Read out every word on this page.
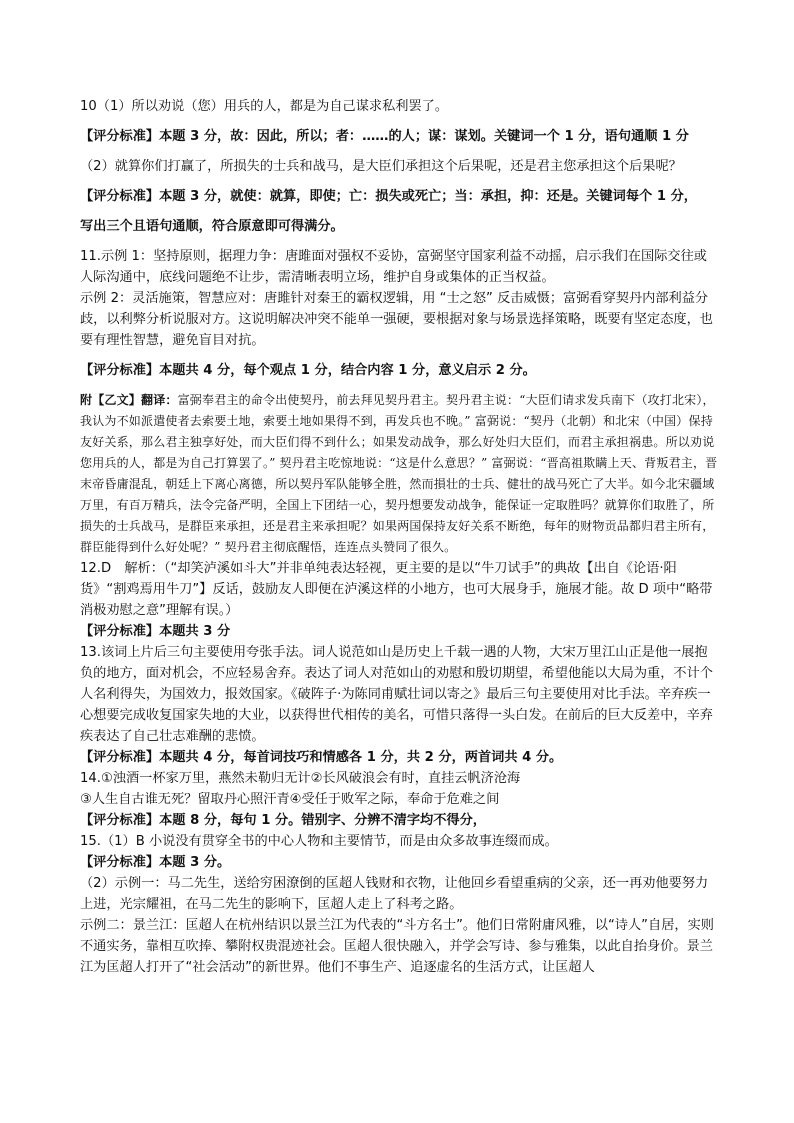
10（1）所以劝说（您）用兵的人，都是为自己谋求私利罢了。

【评分标准】本题 3 分，故：因此，所以；者：……的人；谋：谋划。关键词一个 1 分，语句通顺 1 分

（2）就算你们打赢了，所损失的士兵和战马，是大臣们承担这个后果呢，还是君主您承担这个后果呢？

【评分标准】本题 3 分，就使：就算，即使；亡：损失或死亡；当：承担，抑：还是。关键词每个 1 分，

写出三个且语句通顺，符合原意即可得满分。

11.示例 1：坚持原则，据理力争：唐雎面对强权不妥协，富弼坚守国家利益不动摇，启示我们在国际交往或人际沟通中，底线问题绝不让步，需清晰表明立场，维护自身或集体的正当权益。

示例 2：灵活施策，智慧应对：唐雎针对秦王的霸权逻辑，用 “士之怒” 反击威慑；富弼看穿契丹内部利益分歧，以利弊分析说服对方。这说明解决冲突不能单一强硬，要根据对象与场景选择策略，既要有坚定态度，也要有理性智慧，避免盲目对抗。

【评分标准】本题共 4 分，每个观点 1 分，结合内容 1 分，意义启示 2 分。

附【乙文】翻译：富弼奉君主的命令出使契丹，前去拜见契丹君主。契丹君主说：“大臣们请求发兵南下（攻打北宋），我认为不如派遣使者去索要土地，索要土地如果得不到，再发兵也不晚。” 富弼说：“契丹（北朝）和北宋（中国）保持友好关系，那么君主独享好处，而大臣们得不到什么；如果发动战争，那么好处归大臣们，而君主承担祸患。所以劝说您用兵的人，都是为自己打算罢了。” 契丹君主吃惊地说：“这是什么意思？” 富弼说：“晋高祖欺瞒上天、背叛君主，晋末帝昏庸混乱，朝廷上下离心离德，所以契丹军队能够全胜，然而損壮的士兵、健壮的战马死亡了大半。如今北宋疆域万里，有百万精兵，法令完备严明，全国上下团结一心，契丹想要发动战争，能保证一定取胜吗？就算你们取胜了，所损失的士兵战马，是群臣来承担，还是君主来承担呢？如果两国保持友好关系不断绝，每年的财物贡品都归君主所有，群臣能得到什么好处呢？” 契丹君主彻底醒悟，连连点头赞同了很久。

12.D　解析：（“却笑泸溪如斗大”并非单纯表达轻视，更主要的是以“牛刀试手”的典故【出自《论语·阳货》“割鸡焉用牛刀”】反话，鼓励友人即便在泸溪这样的小地方，也可大展身手，施展才能。故 D 项中“略带消极劝慰之意”理解有误。）

【评分标准】本题共 3 分

13.该词上片后三句主要使用夸张手法。词人说范如山是历史上千载一遇的人物，大宋万里江山正是他一展抱负的地方，面对机会，不应轻易舍弃。表达了词人对范如山的劝慰和殷切期望，希望他能以大局为重，不计个人名利得失，为国效力，报效国家。《破阵子·为陈同甫赋壮词以寄之》最后三句主要使用对比手法。辛弃疾一心想要完成收复国家失地的大业，以获得世代相传的美名，可惜只落得一头白发。在前后的巨大反差中，辛弃疾表达了自己壮志难酬的悲愤。

【评分标准】本题共 4 分，每首词技巧和情感各 1 分，共 2 分，两首词共 4 分。

14.①浊酒一杯家万里，燕然未勒归无计②长风破浪会有时，直挂云帆济沧海

③人生自古谁无死？留取丹心照汗青④受任于败军之际，奉命于危难之间

【评分标准】本题 8 分，每句 1 分。错别字、分辨不清字均不得分，

15.（1）B 小说没有贯穿全书的中心人物和主要情节，而是由众多故事连缀而成。

【评分标准】本题 3 分。

（2）示例一：马二先生，送给穷困潦倒的匡超人钱财和衣物，让他回乡看望重病的父亲，还一再劝他要努力上进，光宗耀祖，在马二先生的影响下，匡超人走上了科考之路。

示例二：景兰江：匡超人在杭州结识以景兰江为代表的“斗方名士”。他们日常附庸风雅，以“诗人”自居，实则不通实务，靠相互吹捧、攀附权贵混迹社会。匡超人很快融入，并学会写诗、参与雅集，以此自抬身价。景兰江为匡超人打开了“社会活动”的新世界。他们不事生产、追逐虚名的生活方式，让匡超人
